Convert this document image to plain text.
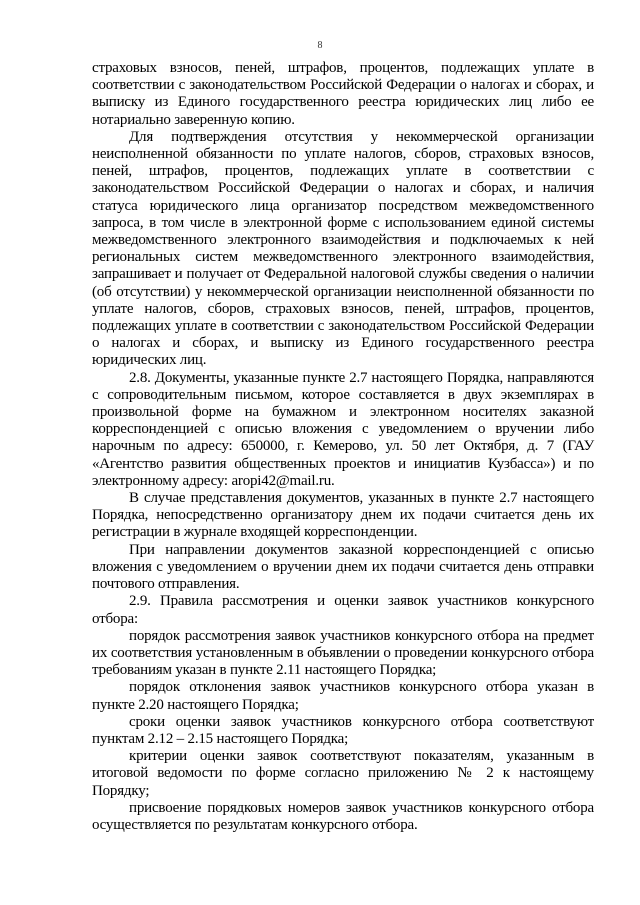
8

страховых взносов, пеней, штрафов, процентов, подлежащих уплате в соответствии с законодательством Российской Федерации о налогах и сборах, и выписку из Единого государственного реестра юридических лиц либо ее нотариально заверенную копию.

Для подтверждения отсутствия у некоммерческой организации неисполненной обязанности по уплате налогов, сборов, страховых взносов, пеней, штрафов, процентов, подлежащих уплате в соответствии с законодательством Российской Федерации о налогах и сборах, и наличия статуса юридического лица организатор посредством межведомственного запроса, в том числе в электронной форме с использованием единой системы межведомственного электронного взаимодействия и подключаемых к ней региональных систем межведомственного электронного взаимодействия, запрашивает и получает от Федеральной налоговой службы сведения о наличии (об отсутствии) у некоммерческой организации неисполненной обязанности по уплате налогов, сборов, страховых взносов, пеней, штрафов, процентов, подлежащих уплате в соответствии с законодательством Российской Федерации о налогах и сборах, и выписку из Единого государственного реестра юридических лиц.

2.8. Документы, указанные пункте 2.7 настоящего Порядка, направляются с сопроводительным письмом, которое составляется в двух экземплярах в произвольной форме на бумажном и электронном носителях заказной корреспонденцией с описью вложения с уведомлением о вручении либо нарочным по адресу: 650000, г. Кемерово, ул. 50 лет Октября, д. 7 (ГАУ «Агентство развития общественных проектов и инициатив Кузбасса») и по электронному адресу: aropi42@mail.ru.

В случае представления документов, указанных в пункте 2.7 настоящего Порядка, непосредственно организатору днем их подачи считается день их регистрации в журнале входящей корреспонденции.

При направлении документов заказной корреспонденцией с описью вложения с уведомлением о вручении днем их подачи считается день отправки почтового отправления.

2.9. Правила рассмотрения и оценки заявок участников конкурсного отбора:

порядок рассмотрения заявок участников конкурсного отбора на предмет их соответствия установленным в объявлении о проведении конкурсного отбора требованиям указан в пункте 2.11 настоящего Порядка;

порядок отклонения заявок участников конкурсного отбора указан в пункте 2.20 настоящего Порядка;

сроки оценки заявок участников конкурсного отбора соответствуют пунктам 2.12 – 2.15 настоящего Порядка;

критерии оценки заявок соответствуют показателям, указанным в итоговой ведомости по форме согласно приложению № 2 к настоящему Порядку;

присвоение порядковых номеров заявок участников конкурсного отбора осуществляется по результатам конкурсного отбора.
